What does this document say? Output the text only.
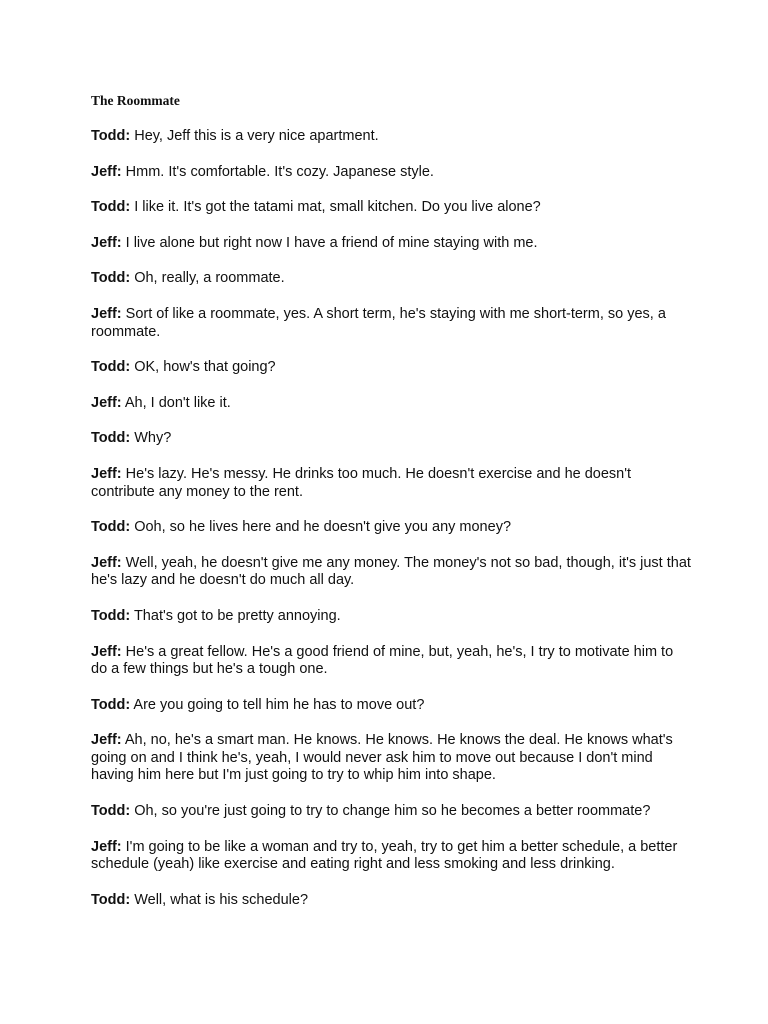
The Roommate

Todd: Hey, Jeff this is a very nice apartment.

Jeff: Hmm. It's comfortable. It's cozy. Japanese style.

Todd: I like it. It's got the tatami mat, small kitchen. Do you live alone?

Jeff: I live alone but right now I have a friend of mine staying with me.

Todd: Oh, really, a roommate.

Jeff: Sort of like a roommate, yes. A short term, he's staying with me short-term, so yes, a roommate.

Todd: OK, how's that going?

Jeff: Ah, I don't like it.

Todd: Why?

Jeff: He's lazy. He's messy. He drinks too much. He doesn't exercise and he doesn't contribute any money to the rent.

Todd: Ooh, so he lives here and he doesn't give you any money?

Jeff: Well, yeah, he doesn't give me any money. The money's not so bad, though, it's just that he's lazy and he doesn't do much all day.

Todd: That's got to be pretty annoying.

Jeff: He's a great fellow. He's a good friend of mine, but, yeah, he's, I try to motivate him to do a few things but he's a tough one.

Todd: Are you going to tell him he has to move out?

Jeff: Ah, no, he's a smart man. He knows. He knows. He knows the deal. He knows what's going on and I think he's, yeah, I would never ask him to move out because I don't mind having him here but I'm just going to try to whip him into shape.

Todd: Oh, so you're just going to try to change him so he becomes a better roommate?

Jeff: I'm going to be like a woman and try to, yeah, try to get him a better schedule, a better schedule (yeah) like exercise and eating right and less smoking and less drinking.

Todd: Well, what is his schedule?
